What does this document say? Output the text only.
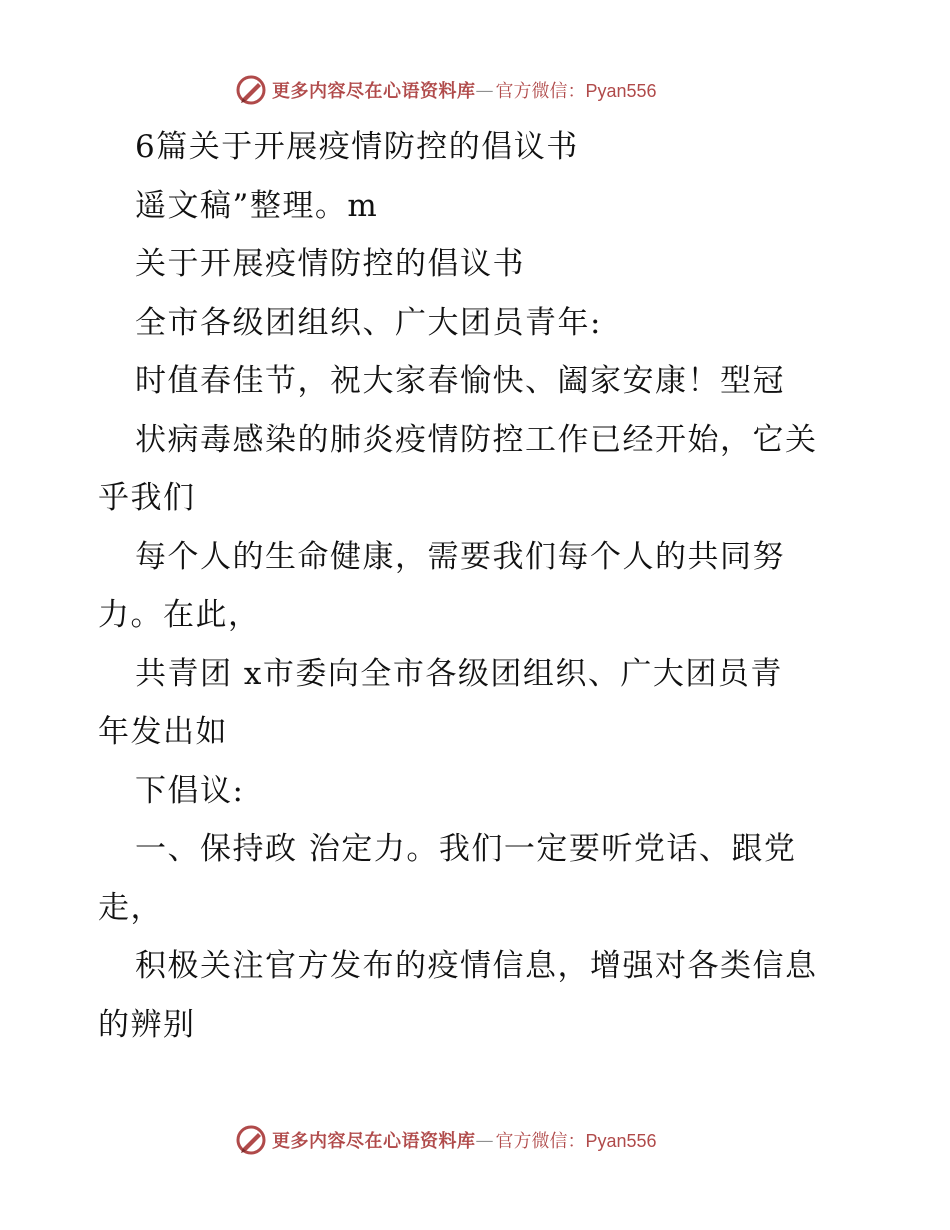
更多内容尽在心语资料库 — 官方微信：Pyan556
6篇关于开展疫情防控的倡议书
遥文稿”整理。m
关于开展疫情防控的倡议书
全市各级团组织、广大团员青年:
时值春佳节，祝大家春愉快、阖家安康！型冠
状病毒感染的肺炎疫情防控工作已经开始，它关
乎我们
每个人的生命健康，需要我们每个人的共同努
力。在此，
共青团 x市委向全市各级团组织、广大团员青
年发出如
下倡议:
一、保持政 治定力。我们一定要听党话、跟党
走，
积极关注官方发布的疫情信息，增强对各类信息
的辨别
更多内容尽在心语资料库 — 官方微信：Pyan556
